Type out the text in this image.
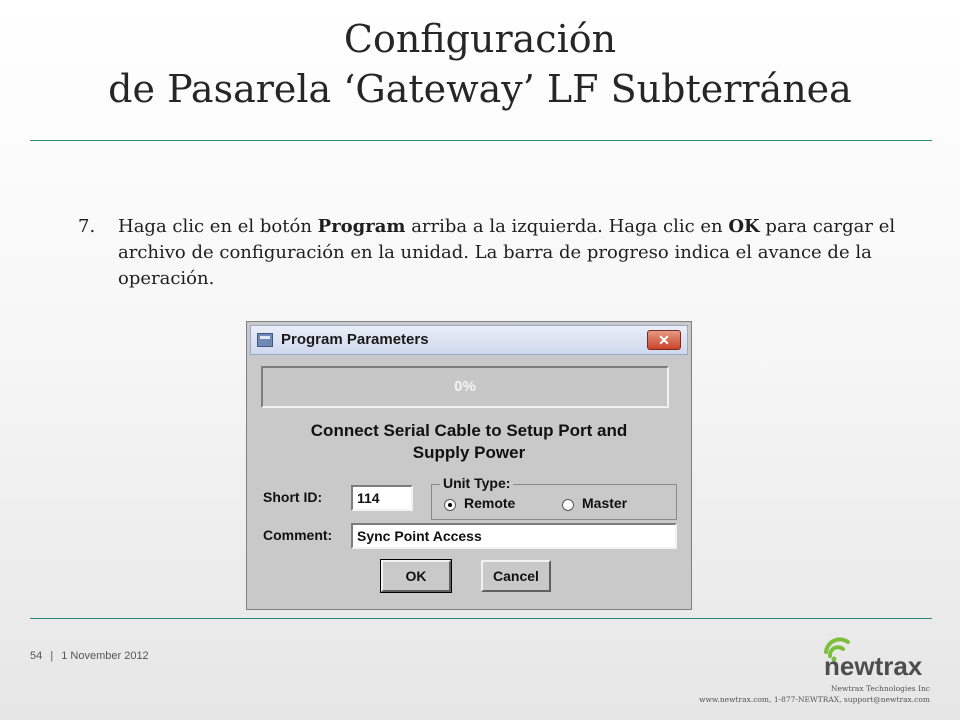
Configuración
de Pasarela ‘Gateway’ LF Subterránea
7. Haga clic en el botón Program arriba a la izquierda. Haga clic en OK para cargar el archivo de configuración en la unidad. La barra de progreso indica el avance de la operación.
Program Parameters	✕
0%
Connect Serial Cable to Setup Port and
Supply Power
Short ID:	114
Unit Type:
Remote	Master
Comment:	Sync Point Access
OK	Cancel
54 | 1 November 2012	newtrax
Newtrax Technologies Inc
www.newtrax.com, 1-877-NEWTRAX, support@newtrax.com
